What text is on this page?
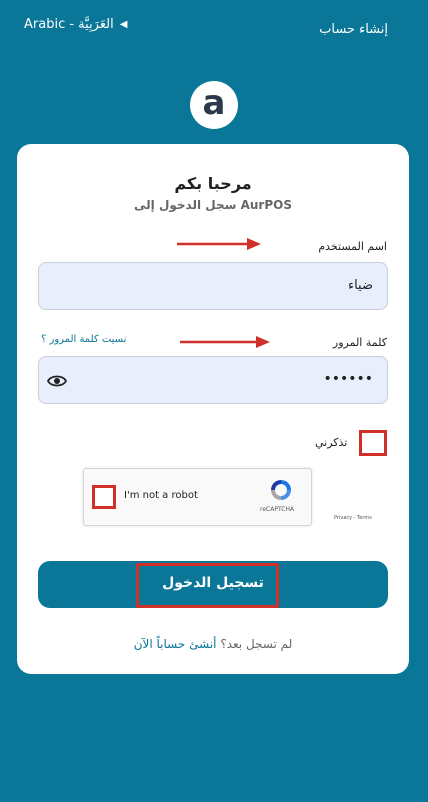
Arabic - العَرَبِيَّة ◀	إنشاء حساب
a
مرحبا بكم
سجل الدخول إلى AurPOS
اسم المستخدم
ضياء
نسيت كلمة المرور ؟	كلمة المرور
••••••
تذكرني
I'm not a robot
reCAPTCHA
Privacy - Terms
تسجيل الدخول
لم تسجل بعد؟ أنشئ حساباً الآن
